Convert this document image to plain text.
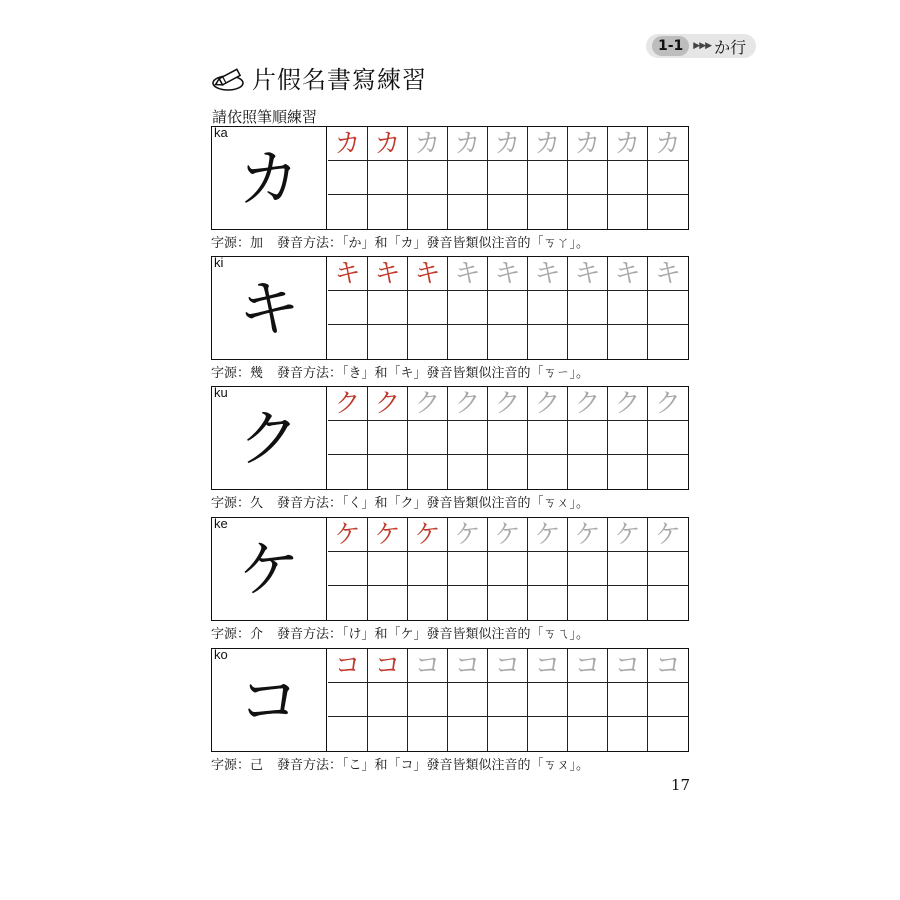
1-1	▶▶▶ か行
片假名書寫練習
請依照筆順練習
ka
カ	カ カ カ カ カ カ カ カ カ
字源：加 發音方法：「か」和「カ」發音皆類似注音的「ㄎㄚ」。
ki
キ	キ キ キ キ キ キ キ キ キ
字源：幾 發音方法：「き」和「キ」發音皆類似注音的「ㄎㄧ」。
ku
ク	ク ク ク ク ク ク ク ク ク
字源：久 發音方法：「く」和「ク」發音皆類似注音的「ㄎㄨ」。
ke
ケ	ケ ケ ケ ケ ケ ケ ケ ケ ケ
字源：介 發音方法：「け」和「ケ」發音皆類似注音的「ㄎㄟ」。
ko
コ	コ コ コ コ コ コ コ コ コ
字源：己 發音方法：「こ」和「コ」發音皆類似注音的「ㄎㄡ」。
17
